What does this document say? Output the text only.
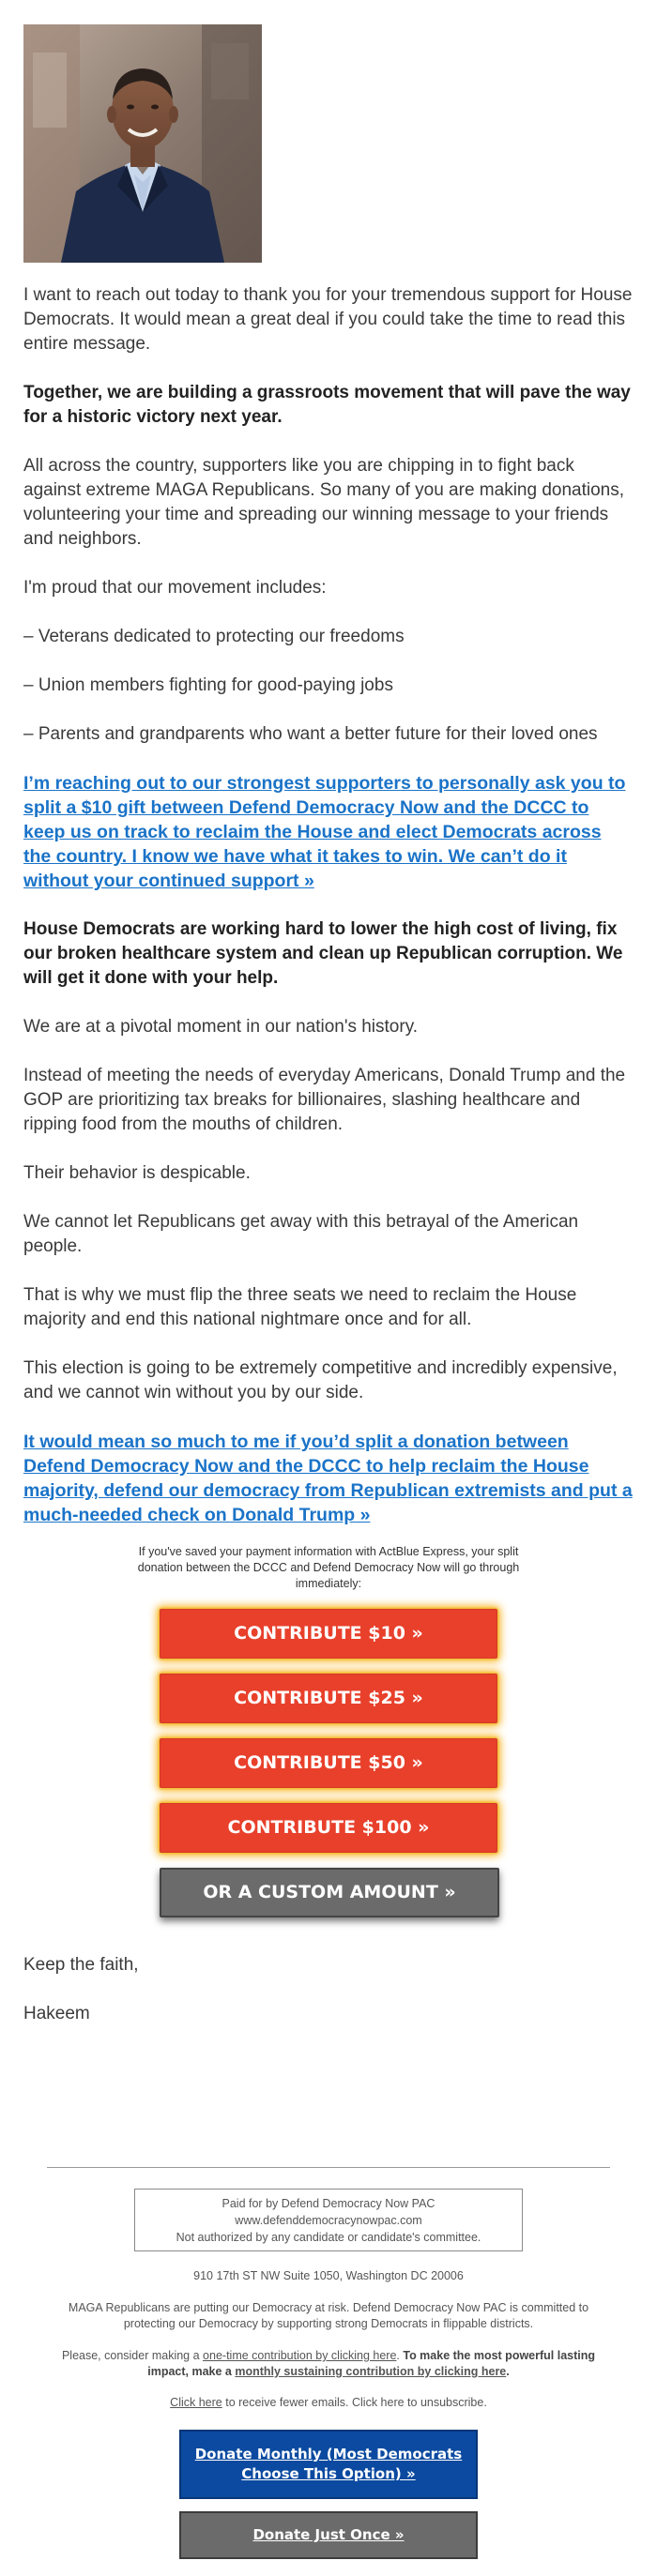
I want to reach out today to thank you for your tremendous support for House Democrats. It would mean a great deal if you could take the time to read this entire message.

Together, we are building a grassroots movement that will pave the way for a historic victory next year.

All across the country, supporters like you are chipping in to fight back against extreme MAGA Republicans. So many of you are making donations, volunteering your time and spreading our winning message to your friends and neighbors.

I'm proud that our movement includes:

– Veterans dedicated to protecting our freedoms

– Union members fighting for good-paying jobs

– Parents and grandparents who want a better future for their loved ones

I’m reaching out to our strongest supporters to personally ask you to split a $10 gift between Defend Democracy Now and the DCCC to keep us on track to reclaim the House and elect Democrats across the country. I know we have what it takes to win. We can’t do it without your continued support »

House Democrats are working hard to lower the high cost of living, fix our broken healthcare system and clean up Republican corruption. We will get it done with your help.

We are at a pivotal moment in our nation's history.

Instead of meeting the needs of everyday Americans, Donald Trump and the GOP are prioritizing tax breaks for billionaires, slashing healthcare and ripping food from the mouths of children.

Their behavior is despicable.

We cannot let Republicans get away with this betrayal of the American people.

That is why we must flip the three seats we need to reclaim the House majority and end this national nightmare once and for all.

This election is going to be extremely competitive and incredibly expensive, and we cannot win without you by our side.

It would mean so much to me if you’d split a donation between Defend Democracy Now and the DCCC to help reclaim the House majority, defend our democracy from Republican extremists and put a much-needed check on Donald Trump »

If you've saved your payment information with ActBlue Express, your split donation between the DCCC and Defend Democracy Now will go through immediately:
CONTRIBUTE $10 »
CONTRIBUTE $25 »
CONTRIBUTE $50 »
CONTRIBUTE $100 »
OR A CUSTOM AMOUNT »

Keep the faith,

Hakeem

Paid for by Defend Democracy Now PAC
www.defenddemocracynowpac.com
Not authorized by any candidate or candidate's committee.
910 17th ST NW Suite 1050, Washington DC 20006
MAGA Republicans are putting our Democracy at risk. Defend Democracy Now PAC is committed to protecting our Democracy by supporting strong Democrats in flippable districts.
Please, consider making a one-time contribution by clicking here. To make the most powerful lasting impact, make a monthly sustaining contribution by clicking here.
Click here to receive fewer emails. Click here to unsubscribe.
Donate Monthly (Most Democrats Choose This Option) »
Donate Just Once »
